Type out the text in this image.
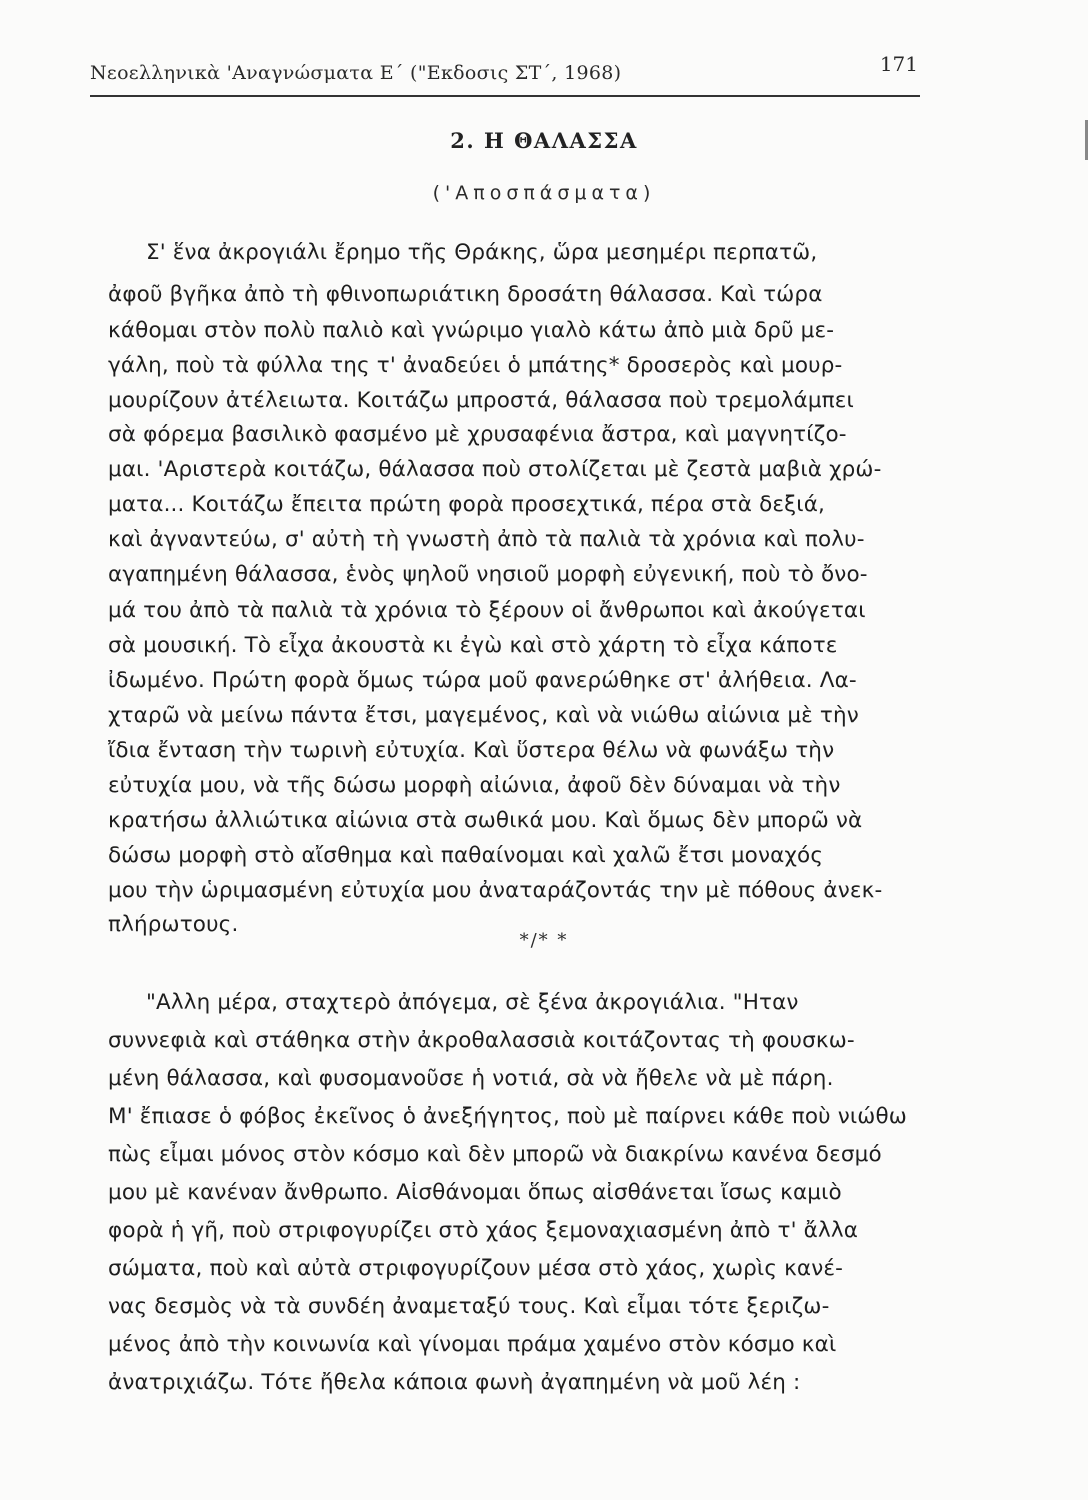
Νεοελληνικὰ 'Αναγνώσματα Ε΄ ("Εκδοσις ΣΤ΄, 1968)	171
2. Η ΘΑΛΑΣΣΑ
('Αποσπάσματα)
Σ' ἕνα ἀκρογιάλι ἔρημο τῆς Θράκης, ὥρα μεσημέρι περπατῶ,
ἀφοῦ βγῆκα ἀπὸ τὴ φθινοπωριάτικη δροσάτη θάλασσα. Καὶ τώρα
κάθομαι στὸν πολὺ παλιὸ καὶ γνώριμο γιαλὸ κάτω ἀπὸ μιὰ δρῦ με-
γάλη, ποὺ τὰ φύλλα της τ' ἀναδεύει ὁ μπάτης* δροσερὸς καὶ μουρ-
μουρίζουν ἀτέλειωτα. Κοιτάζω μπροστά, θάλασσα ποὺ τρεμολάμπει
σὰ φόρεμα βασιλικὸ φασμένο μὲ χρυσαφένια ἄστρα, καὶ μαγνητίζο-
μαι. 'Αριστερὰ κοιτάζω, θάλασσα ποὺ στολίζεται μὲ ζεστὰ μαβιὰ χρώ-
ματα... Κοιτάζω ἔπειτα πρώτη φορὰ προσεχτικά, πέρα στὰ δεξιά,
καὶ ἀγναντεύω, σ' αὐτὴ τὴ γνωστὴ ἀπὸ τὰ παλιὰ τὰ χρόνια καὶ πολυ-
αγαπημένη θάλασσα, ἑνὸς ψηλοῦ νησιοῦ μορφὴ εὐγενική, ποὺ τὸ ὄνο-
μά του ἀπὸ τὰ παλιὰ τὰ χρόνια τὸ ξέρουν οἱ ἄνθρωποι καὶ ἀκούγεται
σὰ μουσική. Τὸ εἶχα ἀκουστὰ κι ἐγὼ καὶ στὸ χάρτη τὸ εἶχα κάποτε
ἰδωμένο. Πρώτη φορὰ ὅμως τώρα μοῦ φανερώθηκε στ' ἀλήθεια. Λα-
χταρῶ νὰ μείνω πάντα ἔτσι, μαγεμένος, καὶ νὰ νιώθω αἰώνια μὲ τὴν
ἴδια ἔνταση τὴν τωρινὴ εὐτυχία. Καὶ ὕστερα θέλω νὰ φωνάξω τὴν
εὐτυχία μου, νὰ τῆς δώσω μορφὴ αἰώνια, ἀφοῦ δὲν δύναμαι νὰ τὴν
κρατήσω ἀλλιώτικα αἰώνια στὰ σωθικά μου. Καὶ ὅμως δὲν μπορῶ νὰ
δώσω μορφὴ στὸ αἴσθημα καὶ παθαίνομαι καὶ χαλῶ ἔτσι μοναχός
μου τὴν ὡριμασμένη εὐτυχία μου ἀναταράζοντάς την μὲ πόθους ἀνεκ-
πλήρωτους.
*/* *
"Αλλη μέρα, σταχτερὸ ἀπόγεμα, σὲ ξένα ἀκρογιάλια. "Ηταν
συννεφιὰ καὶ στάθηκα στὴν ἀκροθαλασσιὰ κοιτάζοντας τὴ φουσκω-
μένη θάλασσα, καὶ φυσομανοῦσε ἡ νοτιά, σὰ νὰ ἤθελε νὰ μὲ πάρη.
Μ' ἔπιασε ὁ φόβος ἐκεῖνος ὁ ἀνεξήγητος, ποὺ μὲ παίρνει κάθε ποὺ νιώθω
πὼς εἶμαι μόνος στὸν κόσμο καὶ δὲν μπορῶ νὰ διακρίνω κανένα δεσμό
μου μὲ κανέναν ἄνθρωπο. Αἰσθάνομαι ὅπως αἰσθάνεται ἴσως καμιὸ
φορὰ ἡ γῆ, ποὺ στριφογυρίζει στὸ χάος ξεμοναχιασμένη ἀπὸ τ' ἄλλα
σώματα, ποὺ καὶ αὐτὰ στριφογυρίζουν μέσα στὸ χάος, χωρὶς κανέ-
νας δεσμὸς νὰ τὰ συνδέη ἀναμεταξύ τους. Καὶ εἶμαι τότε ξεριζω-
μένος ἀπὸ τὴν κοινωνία καὶ γίνομαι πράμα χαμένο στὸν κόσμο καὶ
ἀνατριχιάζω. Τότε ἤθελα κάποια φωνὴ ἀγαπημένη νὰ μοῦ λέη :
